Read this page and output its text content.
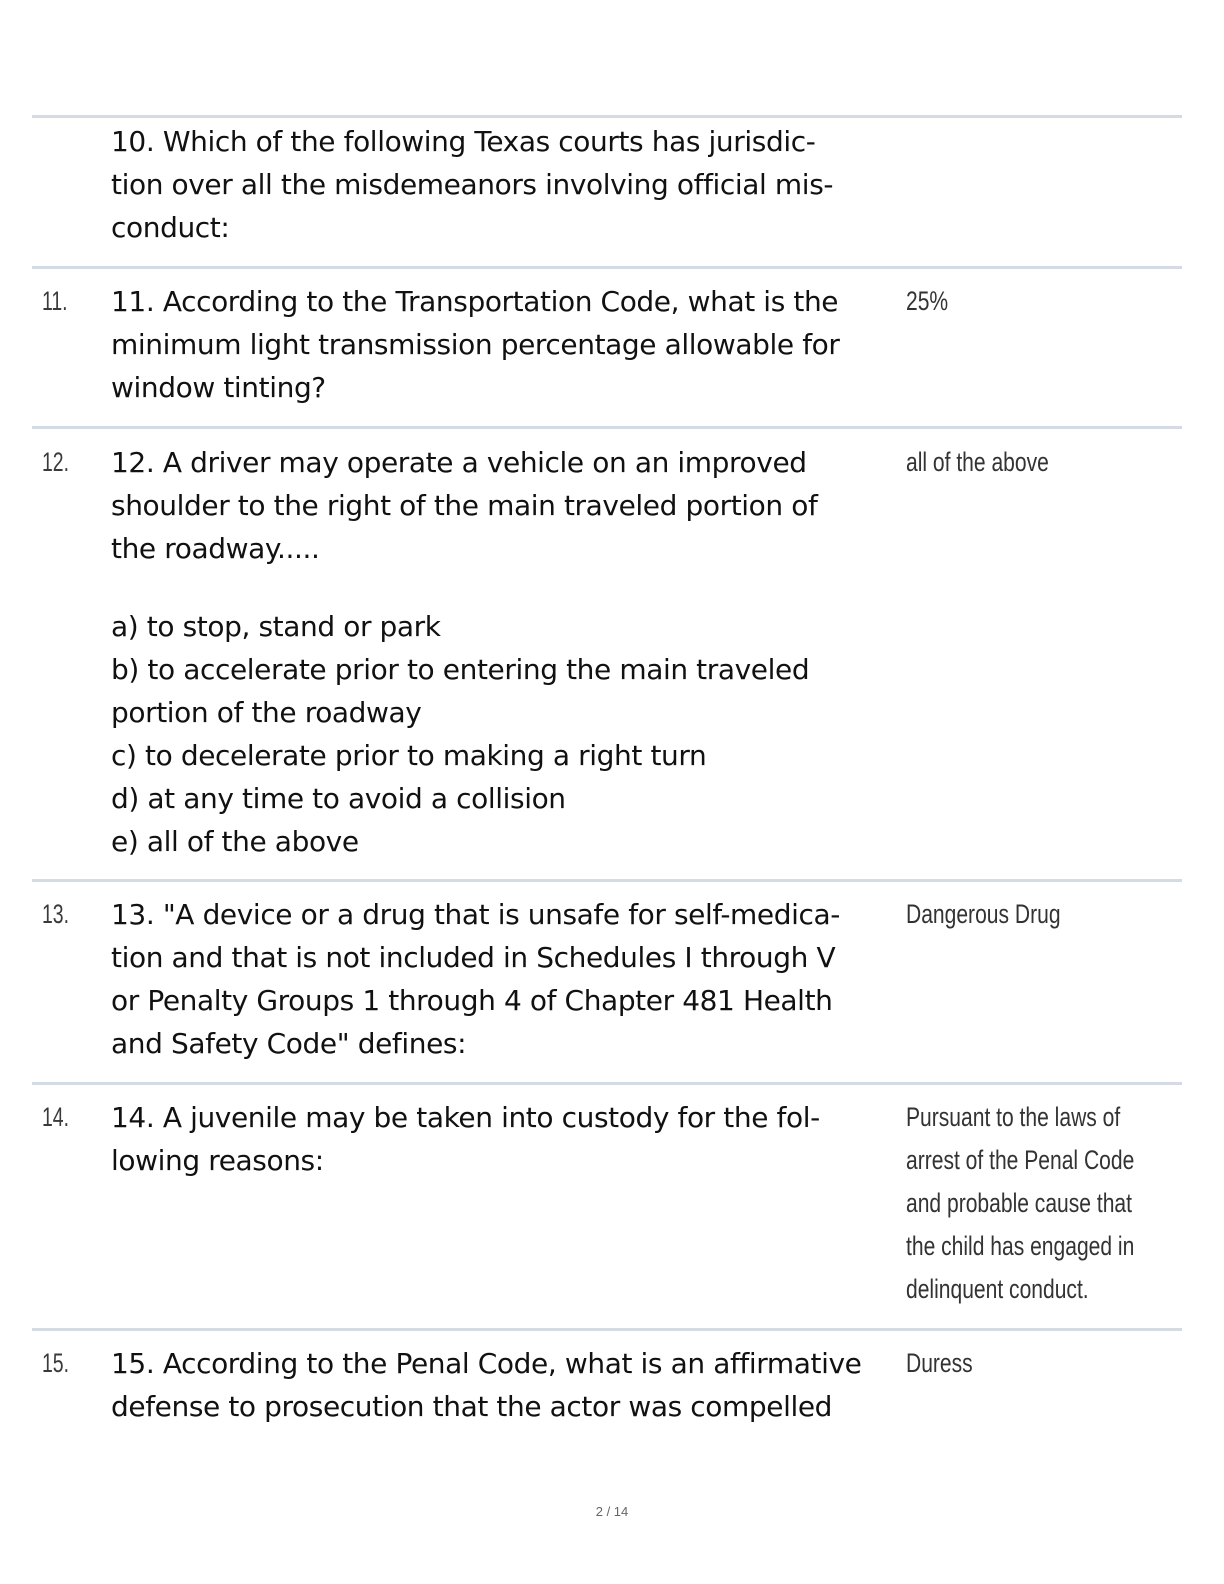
10. Which of the following Texas courts has jurisdic-
tion over all the misdemeanors involving official mis-
conduct:
11. 11. According to the Transportation Code, what is the
minimum light transmission percentage allowable for
window tinting?
25%
12. 12. A driver may operate a vehicle on an improved
shoulder to the right of the main traveled portion of
the roadway.....
a) to stop, stand or park
b) to accelerate prior to entering the main traveled
portion of the roadway
c) to decelerate prior to making a right turn
d) at any time to avoid a collision
e) all of the above
all of the above
13. 13. "A device or a drug that is unsafe for self-medica-
tion and that is not included in Schedules I through V
or Penalty Groups 1 through 4 of Chapter 481 Health
and Safety Code" defines:
Dangerous Drug
14. 14. A juvenile may be taken into custody for the fol-
lowing reasons:
Pursuant to the laws of
arrest of the Penal Code
and probable cause that
the child has engaged in
delinquent conduct.
15. 15. According to the Penal Code, what is an affirmative
defense to prosecution that the actor was compelled
Duress
2 / 14
